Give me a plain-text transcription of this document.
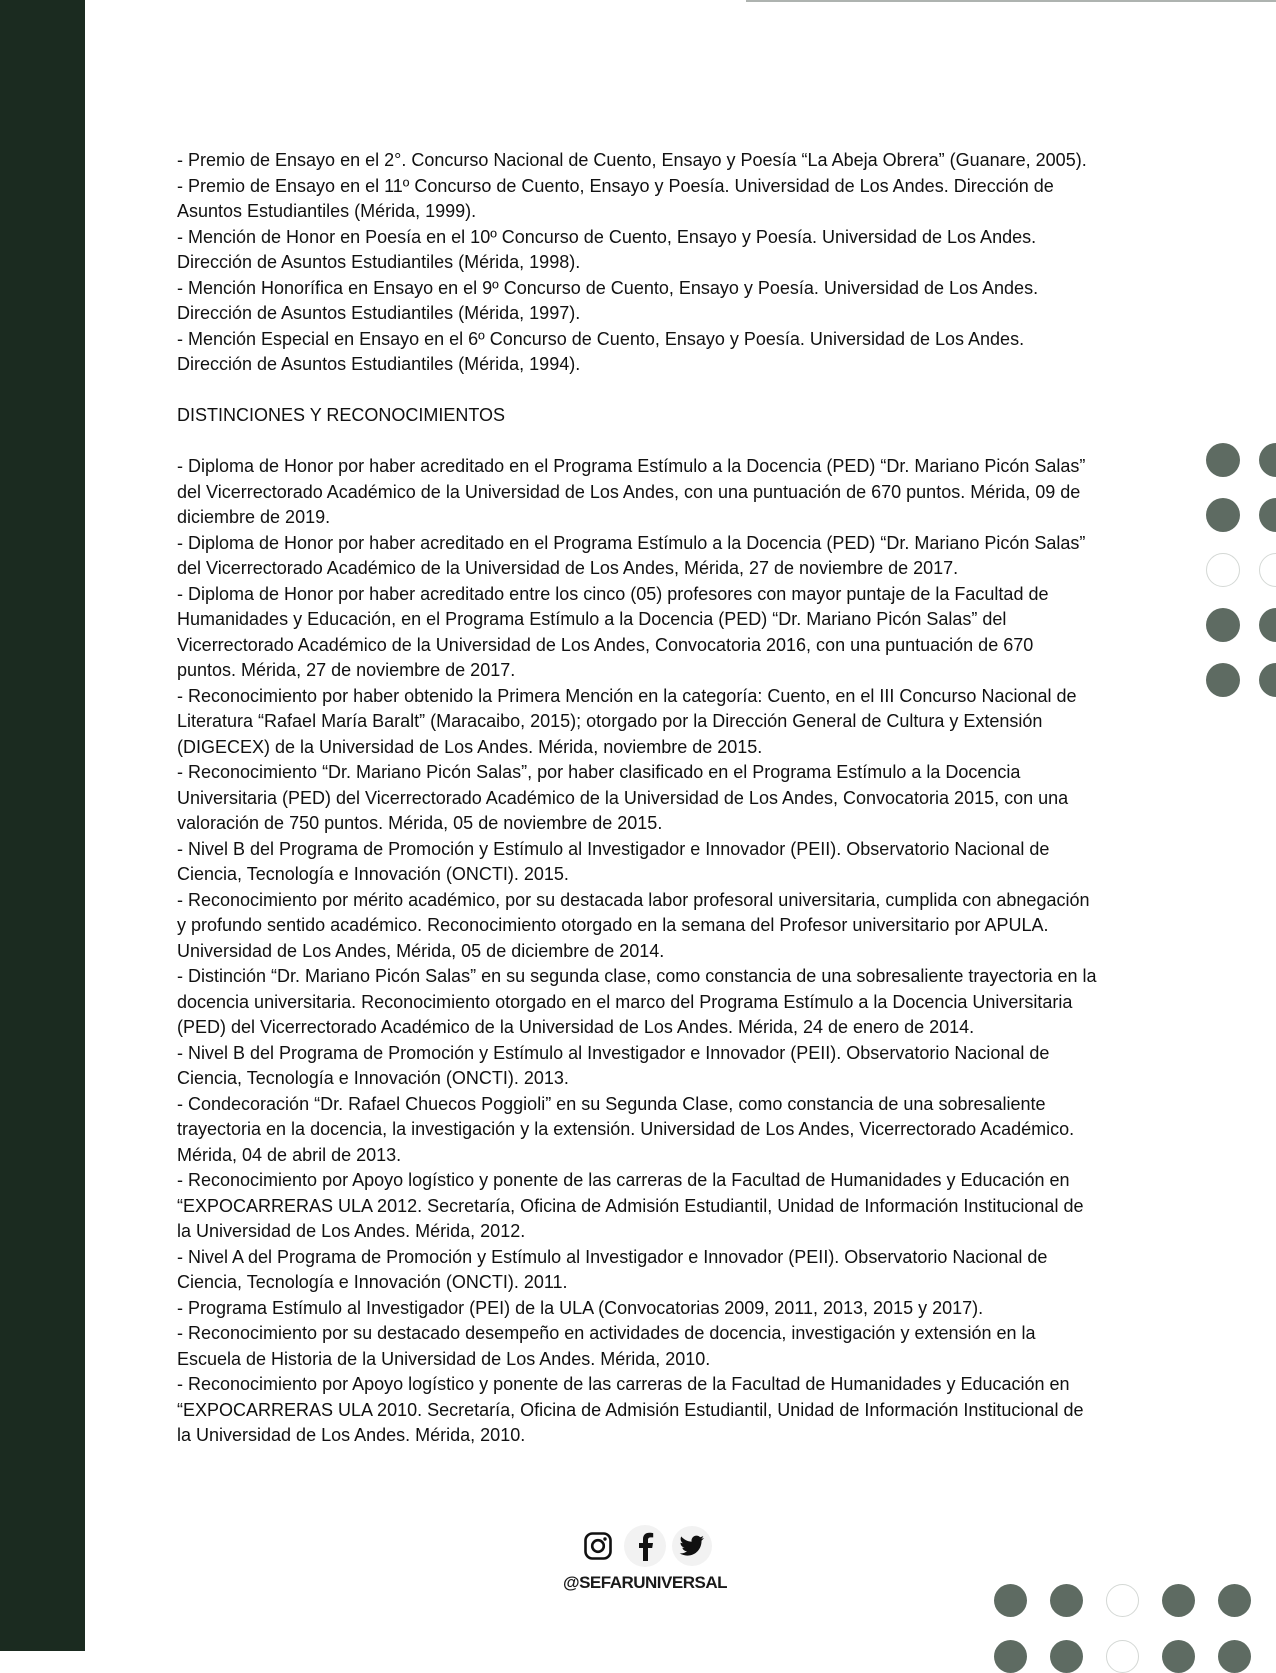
- Premio de Ensayo en el 2°. Concurso Nacional de Cuento, Ensayo y Poesía “La Abeja Obrera” (Guanare, 2005).

- Premio de Ensayo en el 11º Concurso de Cuento, Ensayo y Poesía. Universidad de Los Andes. Dirección de Asuntos Estudiantiles (Mérida, 1999).

- Mención de Honor en Poesía en el 10º Concurso de Cuento, Ensayo y Poesía. Universidad de Los Andes. Dirección de Asuntos Estudiantiles (Mérida, 1998).

- Mención Honorífica en Ensayo en el 9º Concurso de Cuento, Ensayo y Poesía. Universidad de Los Andes. Dirección de Asuntos Estudiantiles (Mérida, 1997).

- Mención Especial en Ensayo en el 6º Concurso de Cuento, Ensayo y Poesía. Universidad de Los Andes. Dirección de Asuntos Estudiantiles (Mérida, 1994).

DISTINCIONES Y RECONOCIMIENTOS

- Diploma de Honor por haber acreditado en el Programa Estímulo a la Docencia (PED) “Dr. Mariano Picón Salas” del Vicerrectorado Académico de la Universidad de Los Andes, con una puntuación de 670 puntos. Mérida, 09 de diciembre de 2019.

- Diploma de Honor por haber acreditado en el Programa Estímulo a la Docencia (PED) “Dr. Mariano Picón Salas” del Vicerrectorado Académico de la Universidad de Los Andes, Mérida, 27 de noviembre de 2017.

- Diploma de Honor por haber acreditado entre los cinco (05) profesores con mayor puntaje de la Facultad de Humanidades y Educación, en el Programa Estímulo a la Docencia (PED) “Dr. Mariano Picón Salas” del Vicerrectorado Académico de la Universidad de Los Andes, Convocatoria 2016, con una puntuación de 670 puntos. Mérida, 27 de noviembre de 2017.

- Reconocimiento por haber obtenido la Primera Mención en la categoría: Cuento, en el III Concurso Nacional de Literatura “Rafael María Baralt” (Maracaibo, 2015); otorgado por la Dirección General de Cultura y Extensión (DIGECEX) de la Universidad de Los Andes. Mérida, noviembre de 2015.

- Reconocimiento “Dr. Mariano Picón Salas”, por haber clasificado en el Programa Estímulo a la Docencia Universitaria (PED) del Vicerrectorado Académico de la Universidad de Los Andes, Convocatoria 2015, con una valoración de 750 puntos. Mérida, 05 de noviembre de 2015.

- Nivel B del Programa de Promoción y Estímulo al Investigador e Innovador (PEII). Observatorio Nacional de Ciencia, Tecnología e Innovación (ONCTI). 2015.

- Reconocimiento por mérito académico, por su destacada labor profesoral universitaria, cumplida con abnegación y profundo sentido académico. Reconocimiento otorgado en la semana del Profesor universitario por APULA. Universidad de Los Andes, Mérida, 05 de diciembre de 2014.

- Distinción “Dr. Mariano Picón Salas” en su segunda clase, como constancia de una sobresaliente trayectoria en la docencia universitaria. Reconocimiento otorgado en el marco del Programa Estímulo a la Docencia Universitaria (PED) del Vicerrectorado Académico de la Universidad de Los Andes. Mérida, 24 de enero de 2014.

- Nivel B del Programa de Promoción y Estímulo al Investigador e Innovador (PEII). Observatorio Nacional de Ciencia, Tecnología e Innovación (ONCTI). 2013.

- Condecoración “Dr. Rafael Chuecos Poggioli” en su Segunda Clase, como constancia de una sobresaliente trayectoria en la docencia, la investigación y la extensión. Universidad de Los Andes, Vicerrectorado Académico. Mérida, 04 de abril de 2013.

- Reconocimiento por Apoyo logístico y ponente de las carreras de la Facultad de Humanidades y Educación en “EXPOCARRERAS ULA 2012. Secretaría, Oficina de Admisión Estudiantil, Unidad de Información Institucional de la Universidad de Los Andes. Mérida, 2012.

- Nivel A del Programa de Promoción y Estímulo al Investigador e Innovador (PEII). Observatorio Nacional de Ciencia, Tecnología e Innovación (ONCTI). 2011.

- Programa Estímulo al Investigador (PEI) de la ULA (Convocatorias 2009, 2011, 2013, 2015 y 2017).

- Reconocimiento por su destacado desempeño en actividades de docencia, investigación y extensión en la Escuela de Historia de la Universidad de Los Andes. Mérida, 2010.

- Reconocimiento por Apoyo logístico y ponente de las carreras de la Facultad de Humanidades y Educación en “EXPOCARRERAS ULA 2010. Secretaría, Oficina de Admisión Estudiantil, Unidad de Información Institucional de la Universidad de Los Andes. Mérida, 2010.

@SEFARUNIVERSAL
